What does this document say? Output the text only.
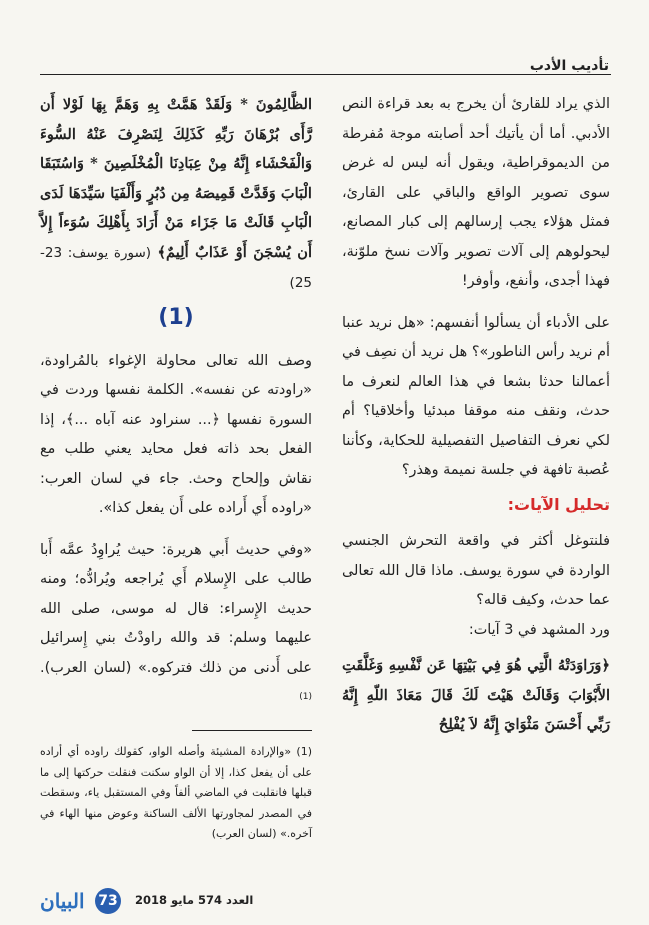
تأديب الأدب

الذي يراد للقارئ أن يخرج به بعد قراءة النص الأدبي. أما أن يأتيك أحد أصابته موجة مُفرطة من الديموقراطية، ويقول أنه ليس له غرض سوى تصوير الواقع والباقي على القارئ، فمثل هؤلاء يجب إرسالهم إلى كبار المصانع، ليحولوهم إلى آلات تصوير وآلات نسخ ملوّنة، فهذا أجدى، وأنفع، وأوفر!

على الأدباء أن يسألوا أنفسهم: «هل نريد عنبا أم نريد رأس الناطور»؟ هل نريد أن نصِف في أعمالنا حدثا بشعا في هذا العالم لنعرف ما حدث، ونقف منه موقفا مبدئيا وأخلاقيا؟ أم لكي نعرف التفاصيل التفصيلية للحكاية، وكأننا عُصبة تافهة في جلسة نميمة وهذر؟

تحليل الآيات:

فلنتوغل أكثر في واقعة التحرش الجنسي الواردة في سورة يوسف. ماذا قال الله تعالى عما حدث، وكيف قاله؟

ورد المشهد في 3 آيات:

﴿وَرَاوَدَتْهُ الَّتِي هُوَ فِي بَيْتِهَا عَن نَّفْسِهِ وَغَلَّقَتِ الأَبْوَابَ وَقَالَتْ هَيْتَ لَكَ قَالَ مَعَاذَ اللّهِ إِنَّهُ رَبِّي أَحْسَنَ مَثْوَايَ إِنَّهُ لاَ يُفْلِحُ

الظَّالِمُونَ * وَلَقَدْ هَمَّتْ بِهِ وَهَمَّ بِهَا لَوْلا أَن رَّأَى بُرْهَانَ رَبِّهِ كَذَلِكَ لِنَصْرِفَ عَنْهُ السُّوءَ وَالْفَحْشَاء إِنَّهُ مِنْ عِبَادِنَا الْمُخْلَصِينَ * وَاسُتَبَقَا الْبَابَ وَقَدَّتْ قَمِيصَهُ مِن دُبُرٍ وَأَلْفَيَا سَيِّدَهَا لَدَى الْبَابِ قَالَتْ مَا جَزَاء مَنْ أَرَادَ بِأَهْلِكَ سُوَءاً إِلاَّ أَن يُسْجَنَ أَوْ عَذَابٌ أَلِيمٌ﴾ (سورة يوسف: 23-25)

(1)

وصف الله تعالى محاولة الإغواء بالمُراودة، «راودته عن نفسه». الكلمة نفسها وردت في السورة نفسها ﴿... سنراود عنه آباه ...﴾، إذا الفعل بحد ذاته فعل محايد يعني طلب مع نقاش وإلحاح وحث. جاء في لسان العرب: «راوده أَي أَراده على أَن يفعل كذا».

«وفي حديث أَبي هريرة: حيث يُراوِدُ عمَّه أَبا طالب على الإِسلام أَي يُراجعه ويُرادُّه؛ ومنه حديث الإِسراء: قال له موسى، صلى الله عليهما وسلم: قد والله راودْتُ بني إِسرائيل على أَدنى من ذلك فتركوه.» (لسان العرب).$^{(1)}$

(1) «والإرادة المشيئة وأصله الواو، كقولك راوده أي أراده على أن يفعل كذا، إلا أن الواو سكنت فنقلت حركتها إلى ما قبلها فانقلبت في الماضي ألفاً وفي المستقبل ياء، وسقطت في المصدر لمجاورتها الألف الساكنة وعوض منها الهاء في آخره.» (لسان العرب)

البيان 73 العدد 574 مايو 2018
